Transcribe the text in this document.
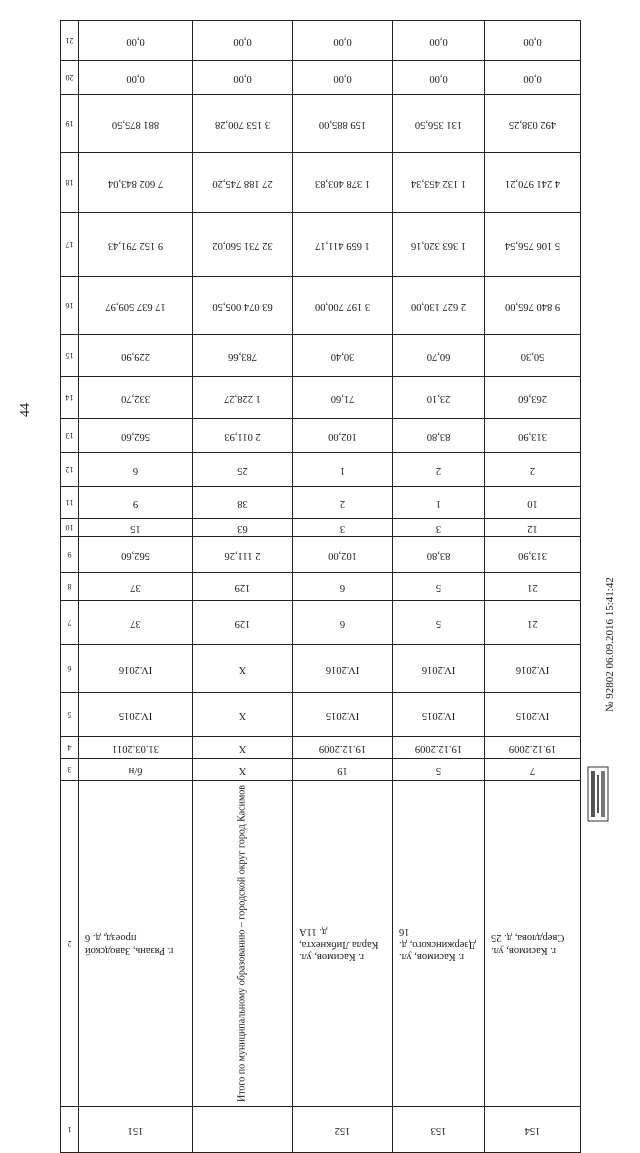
44
21	0,00	0,00	0,00	0,00	0,00

20	0,00	0,00	0,00	0,00	0,00

19	881 875,50	3 153 700,28	159 885,00	131 356,50	492 038,25

18	7 602 843,04	27 188 745,20	1 378 403,83	1 132 453,34	4 241 970,21

17	9 152 791,43	32 731 560,02	1 659 411,17	1 363 320,16	5 106 756,54

16	17 637 509,97	63 074 005,50	3 197 700,00	2 627 130,00	9 840 765,00

15	229,90	783,66	30,40	60,70	50,30

14	332,70	1 228,27	71,60	23,10	263,60

13	562,60	2 011,93	102,00	83,80	313,90

12	6	25	1	2	2

11	9	38	2	1	10

10	15	63	3	3	12

9	562,60	2 111,26	102,00	83,80	313,90

8	37	129	6	5	21

7	37	129	6	5	21

6	IV.2016	X	IV.2016	IV.2016	IV.2016

5	IV.2015	X	IV.2015	IV.2015	IV.2015

4	31.03.2011	X	19.12.2009	19.12.2009	19.12.2009

3	б/н	X	19	5	7

2	г. Рязань, Заводской проезд, д. 6	Итого по муниципальному образованию – городской округ город Касимов	г. Касимов, ул. Карла Либкнехта, д. 11А	г. Касимов, ул. Дзержинского, д. 16	г. Касимов, ул. Свердлова, д. 25

1	151		152	153	154
№ 92802 06.09.2016 15:41:42
